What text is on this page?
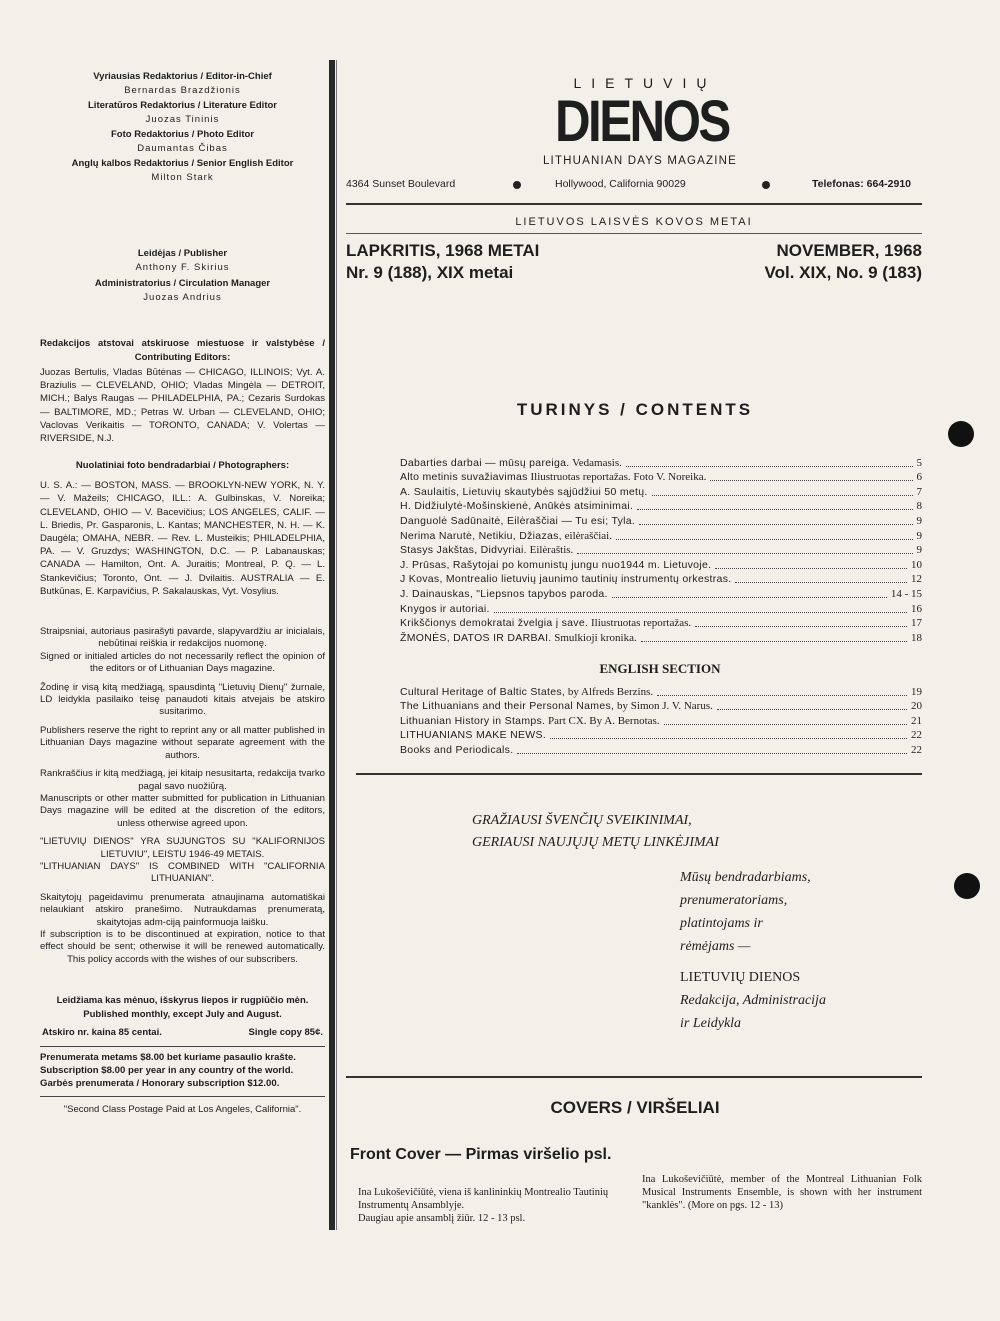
Vyriausias Redaktorius / Editor-in-Chief
Bernardas Brazdžionis
Literatūros Redaktorius / Literature Editor
Juozas Tininis
Foto Redaktorius / Photo Editor
Daumantas Čibas
Anglų kalbos Redaktorius / Senior English Editor
Milton Stark
Leidėjas / Publisher
Anthony F. Skirius
Administratorius / Circulation Manager
Juozas Andrius
Redakcijos atstovai atskiruose miestuose ir valstybėse / Contributing Editors:
Juozas Bertulis, Vladas Būtėnas — CHICAGO, ILLINOIS; Vyt. A. Braziulis — CLEVELAND, OHIO; Vladas Mingėla — DETROIT, MICH.; Balys Raugas — PHILADELPHIA, PA.; Cezaris Surdokas — BALTIMORE, MD.; Petras W. Urban — CLEVELAND, OHIO; Vaclovas Verikaitis — TORONTO, CANADA; V. Volertas — RIVERSIDE, N.J.
Nuolatiniai foto bendradarbiai / Photographers:
U. S. A.: — BOSTON, MASS. — BROOKLYN-NEW YORK, N. Y. — V. Mažeils; CHICAGO, ILL.: A. Gulbinskas, V. Noreika; CLEVELAND, OHIO — V. Bacevičius; LOS ANGELES, CALIF. — L. Briedis, Pr. Gasparonis, L. Kantas; MANCHESTER, N. H. — K. Daugėla; OMAHA, NEBR. — Rev. L. Musteikis; PHILADELPHIA, PA. — V. Gruzdys; WASHINGTON, D.C. — P. Labanauskas; CANADA — Hamilton, Ont. A. Juraitis; Montreal, P. Q. — L. Stankevičius; Toronto, Ont. — J. Dvilaitis. AUSTRALIA — E. Butkūnas, E. Karpavičius, P. Sakalauskas, Vyt. Vosylius.
Straipsniai, autoriaus pasirašyti pavarde, slapyvardžiu ar inicialais, nebūtinai reiškia ir redakcijos nuomonę.
Signed or initialed articles do not necessarily reflect the opinion of the editors or of Lithuanian Days magazine.
Žodinę ir visą kitą medžiagą, spausdintą "Lietuvių Dienų" žurnale, LD leidykla pasilaiko teisę panaudoti kitais atvejais be atskiro susitarimo.
Publishers reserve the right to reprint any or all matter published in Lithuanian Days magazine without separate agreement with the authors.
Rankraščius ir kitą medžiagą, jei kitaip nesusitarta, redakcija tvarko pagal savo nuožiūrą.
Manuscripts or other matter submitted for publication in Lithuanian Days magazine will be edited at the discretion of the editors, unless otherwise agreed upon.
"LIETUVIŲ DIENOS" YRA SUJUNGTOS SU "KALIFORNIJOS LIETUVIU", LEISTU 1946-49 METAIS.
"LITHUANIAN DAYS" IS COMBINED WITH "CALIFORNIA LITHUANIAN".
Skaitytojų pageidavimu prenumerata atnaujinama automatiškai nelaukiant atskiro pranešimo. Nutraukdamas prenumeratą, skaitytojas adm-ciją painformuoja laišku.
If subscription is to be discontinued at expiration, notice to that effect should be sent; otherwise it will be renewed automatically. This policy accords with the wishes of our subscribers.
Leidžiama kas mėnuo, išskyrus liepos ir rugpiūčio mėn.
Published monthly, except July and August.
Atskiro nr. kaina 85 centai.	Single copy 85¢.
Prenumerata metams $8.00 bet kuriame pasaulio krašte.
Subscription $8.00 per year in any country of the world.
Garbės prenumerata / Honorary subscription $12.00.
"Second Class Postage Paid at Los Angeles, California".
LIETUVIŲ
DIENOS
LITHUANIAN DAYS MAGAZINE
4364 Sunset Boulevard	Hollywood, California 90029	Telefonas: 664-2910
LIETUVOS LAISVĖS KOVOS METAI
LAPKRITIS, 1968 METAI
Nr. 9 (188), XIX metai
NOVEMBER, 1968
Vol. XIX, No. 9 (183)
TURINYS / CONTENTS
Dabarties darbai — mūsų pareiga. Vedamasis.	5
Alto metinis suvažiavimas Iliustruotas reportažas. Foto V. Noreika.	6
A. Saulaitis, Lietuvių skautybės sąjūdžiui 50 metų.	7
H. Didžiulytė-Mošinskienė, Anūkės atsiminimai.	8
Danguolė Sadūnaitė, Eilėraščiai — Tu esi; Tyla.	9
Nerima Narutė, Netikiu, Džiazas, eilėraščiai.	9
Stasys Jakštas, Didvyriai. Eilėraštis.	9
J. Prūsas, Rašytojai po komunistų jungu nuo1944 m. Lietuvoje.	10
J Kovas, Montrealio lietuvių jaunimo tautinių instrumentų orkestras.	12
J. Dainauskas, "Liepsnos tapybos paroda.	14 - 15
Knygos ir autoriai.	16
Krikščionys demokratai žvelgia į save. Iliustruotas reportažas.	17
ŽMONĖS, DATOS IR DARBAI. Smulkioji kronika.	18
ENGLISH SECTION
Cultural Heritage of Baltic States, by Alfreds Berzins.	19
The Lithuanians and their Personal Names, by Simon J. V. Narus.	20
Lithuanian History in Stamps. Part CX. By A. Bernotas.	21
LITHUANIANS MAKE NEWS.	22
Books and Periodicals.	22
GRAŽIAUSI ŠVENČIŲ SVEIKINIMAI,
GERIAUSI NAUJŲJŲ METŲ LINKĖJIMAI
Mūsų bendradarbiams,
prenumeratoriams,
platintojams ir
rėmėjams —
LIETUVIŲ DIENOS
Redakcija, Administracija
ir Leidykla
COVERS / VIRŠELIAI
Front Cover — Pirmas viršelio psl.
Ina Lukoševičiūtė, viena iš kanlininkių Montrealio Tautinių Instrumentų Ansamblyje.
Daugiau apie ansamblį žiūr. 12 - 13 psl.
Ina Lukoševičiūtė, member of the Montreal Lithuanian Folk Musical Instruments Ensemble, is shown with her instrument "kanklės". (More on pgs. 12 - 13)
